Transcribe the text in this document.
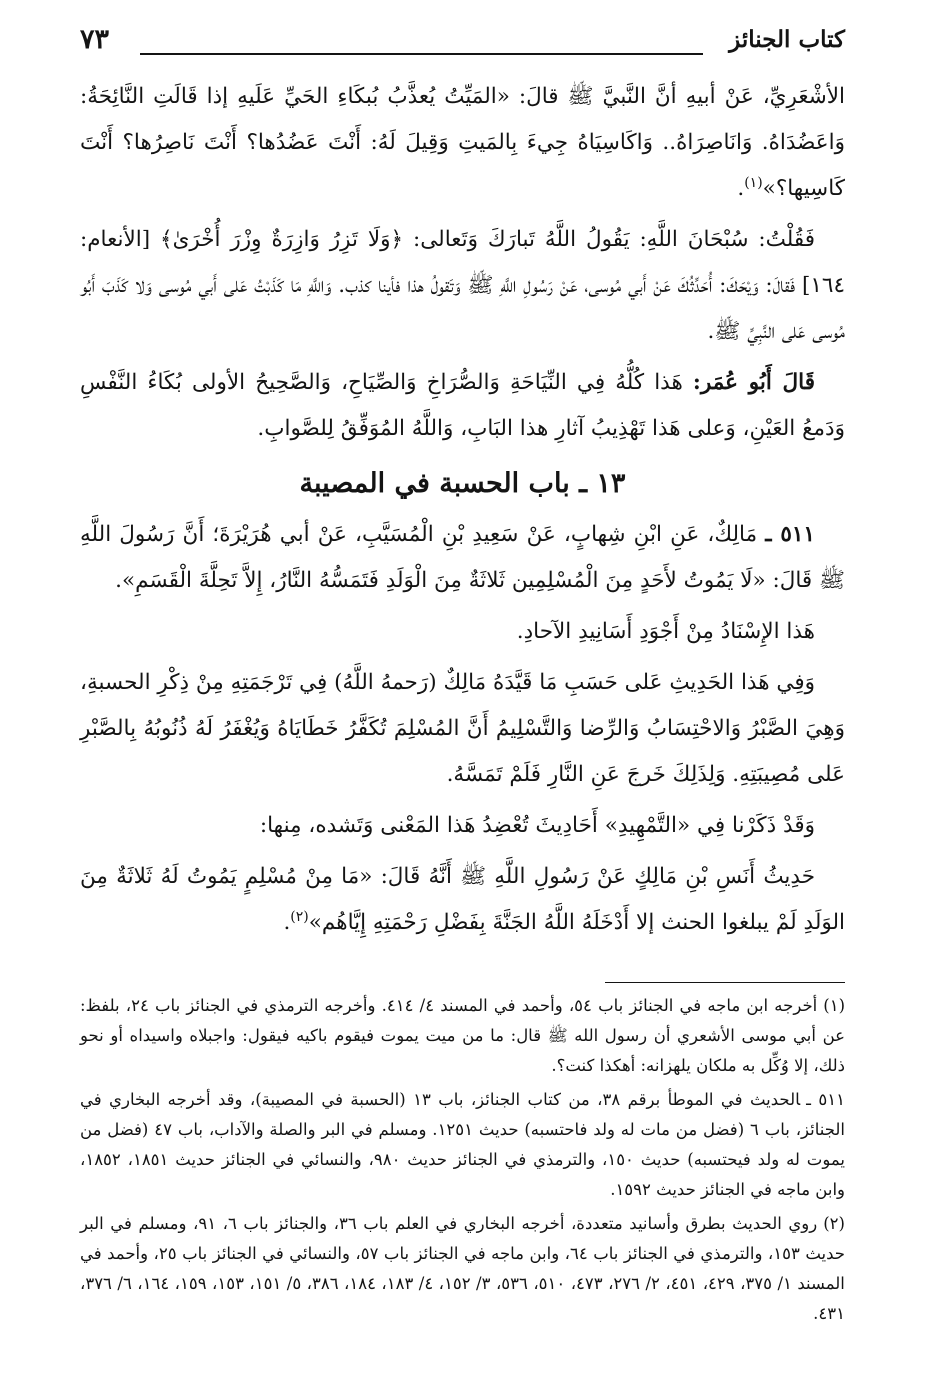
كتاب الجنائز
٧٣

الأشْعَرِيِّ، عَنْ أبيهِ أنَّ النَّبيَّ ﷺ قالَ: «المَيِّتُ يُعذَّبُ بُبكَاءِ الحَيِّ عَلَيهِ إذا قَالَتِ النَّائِحَةُ: وَاعَضُدَاهُ. وَانَاصِرَاهُ.. وَاكَاسِيَاهُ جِيءَ بِالمَيتِ وَقِيلَ لَهُ: أَنْتَ عَضُدُها؟ أَنْتَ نَاصِرُها؟ أَنْتَ كَاسِيها؟»$^{(١)}$.

فَقُلْتُ: سُبْحَانَ اللَّهِ: يَقُولُ اللَّهُ تَبارَكَ وَتَعالى: ﴿وَلَا تَزِرُ وَازِرَةٌ وِزْرَ أُخْرَىٰ﴾ [الأنعام: ١٦٤] فَقالَ: وَيْحَكَ: أُحَدِّثُكَ عَنْ أَبي مُوسى، عَنْ رَسُولِ اللَّهِ ﷺ وَتَقولُ هذا فأينا كذب. وَاللَّهِ مَا كَذَبْتُ عَلى أَبي مُوسى وَلا كَذَبَ أَبُو مُوسى عَلى النَّبِيِّ ﷺ.

قَالَ أَبُو عُمَر: هَذا كُلُّهُ فِي النِّيَاحَةِ وَالصُّرَاخِ وَالصِّيَاحِ، وَالصَّحِيحُ الأولى بُكَاءُ النَّفْسِ وَدَمعُ العَيْنِ، وَعلى هَذا تَهْذِيبُ آثارِ هذا البَابِ، وَاللَّهُ المُوَفِّقُ لِلصَّوابِ.

١٣ ـ باب الحسبة في المصيبة

٥١١ ـ مَالِكٌ، عَنِ ابْنِ شِهابٍ، عَنْ سَعِيدِ بْنِ الْمُسَيَّبِ، عَنْ أبي هُرَيْرَةَ؛ أَنَّ رَسُولَ اللَّهِ ﷺ قَالَ: «لَا يَمُوتُ لأَحَدٍ مِنَ الْمُسْلِمِين ثَلاثَةٌ مِنَ الْوَلَدِ فَتَمَسُّهُ النَّارُ، إِلاَّ تَحِلَّةَ الْقَسَمِ».

هَذا الإِسْنَادُ مِنْ أَجْوَدِ أَسَانِيدِ الآحادِ.

وَفِي هَذا الحَدِيثِ عَلى حَسَبِ مَا قَيَّدَهُ مَالِكٌ (رَحمهُ اللَّهُ) فِي تَرْجَمَتِهِ مِنْ ذِكْرِ الحسبةِ، وَهِيَ الصَّبْرُ وَالاحْتِسَابُ وَالرِّضا وَالتَّسْلِيمُ أَنَّ المُسْلِمَ تُكَفَّرُ خَطَايَاهُ وَيُغْفَرُ لَهُ ذُنُوبُهُ بِالصَّبْرِ عَلى مُصِيبَتِهِ. وَلِذَلِكَ خَرجَ عَنِ النَّارِ فَلَمْ تَمَسَّهُ.

وَقَدْ ذَكَرْنا فِي «التَّمْهِيدِ» أَحَادِيثَ تُعْضِدُ هَذا المَعْنى وَتَشده، مِنها:

حَدِيثُ أَنَسِ بْنِ مَالِكٍ عَنْ رَسُولِ اللَّهِ ﷺ أَنَّهُ قَالَ: «مَا مِنْ مُسْلِمٍ يَمُوتُ لَهُ ثَلاثَةٌ مِنَ الوَلَدِ لَمْ يبلغوا الحنث إلا أَدْخَلَهُ اللَّهُ الجَنَّةَ بِفَضْلِ رَحْمَتِهِ إِيَّاهُم»$^{(٢)}$.

(١)أخرجه ابن ماجه في الجنائز باب ٥٤، وأحمد في المسند ٤/ ٤١٤. وأخرجه الترمذي في الجنائز باب ٢٤، بلفظ: عن أبي موسى الأشعري أن رسول الله ﷺ قال: ما من ميت يموت فيقوم باكيه فيقول: واجبلاه واسيداه أو نحو ذلك، إلا وُكِّل به ملكان يلهزانه: أهكذا كنت؟.

٥١١ ـالحديث في الموطأ برقم ٣٨، من كتاب الجنائز، باب ١٣ (الحسبة في المصيبة)، وقد أخرجه البخاري في الجنائز، باب ٦ (فضل من مات له ولد فاحتسبه) حديث ١٢٥١. ومسلم في البر والصلة والآداب، باب ٤٧ (فضل من يموت له ولد فيحتسبه) حديث ١٥٠، والترمذي في الجنائز حديث ٩٨٠، والنسائي في الجنائز حديث ١٨٥١، ١٨٥٢، وابن ماجه في الجنائز حديث ١٥٩٢.

(٢)روي الحديث بطرق وأسانيد متعددة، أخرجه البخاري في العلم باب ٣٦، والجنائز باب ٦، ٩١، ومسلم في البر حديث ١٥٣، والترمذي في الجنائز باب ٦٤، وابن ماجه في الجنائز باب ٥٧، والنسائي في الجنائز باب ٢٥، وأحمد في المسند ١/ ٣٧٥، ٤٢٩، ٤٥١، ٢/ ٢٧٦، ٤٧٣، ٥١٠، ٥٣٦، ٣/ ١٥٢، ٤/ ١٨٣، ١٨٤، ٣٨٦، ٥/ ١٥١، ١٥٣، ١٥٩، ١٦٤، ٦/ ٣٧٦، ٤٣١.
